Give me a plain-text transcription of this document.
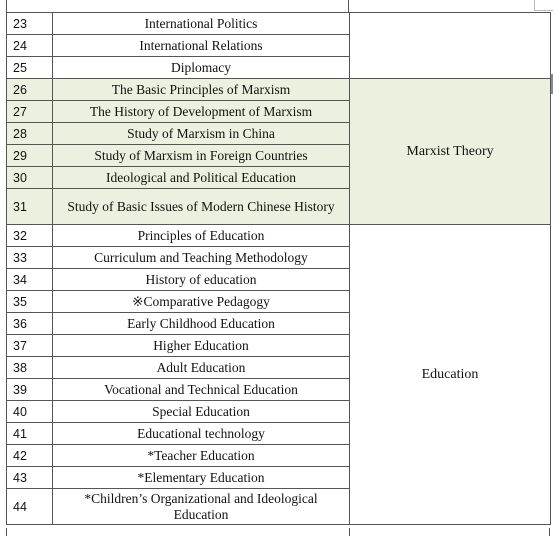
23	International Politics	
24	International Relations	
25	Diplomacy	
26	The Basic Principles of Marxism	Marxist Theory
27	The History of Development of Marxism	
28	Study of Marxism in China	
29	Study of Marxism in Foreign Countries	
30	Ideological and Political Education	
31	Study of Basic Issues of Modern Chinese History	
32	Principles of Education	Education
33	Curriculum and Teaching Methodology	
34	History of education	
35	※Comparative Pedagogy	
36	Early Childhood Education	
37	Higher Education	
38	Adult Education	
39	Vocational and Technical Education	
40	Special Education	
41	Educational technology	
42	*Teacher Education	
43	*Elementary Education	
44	*Children’s Organizational and Ideological Education	
